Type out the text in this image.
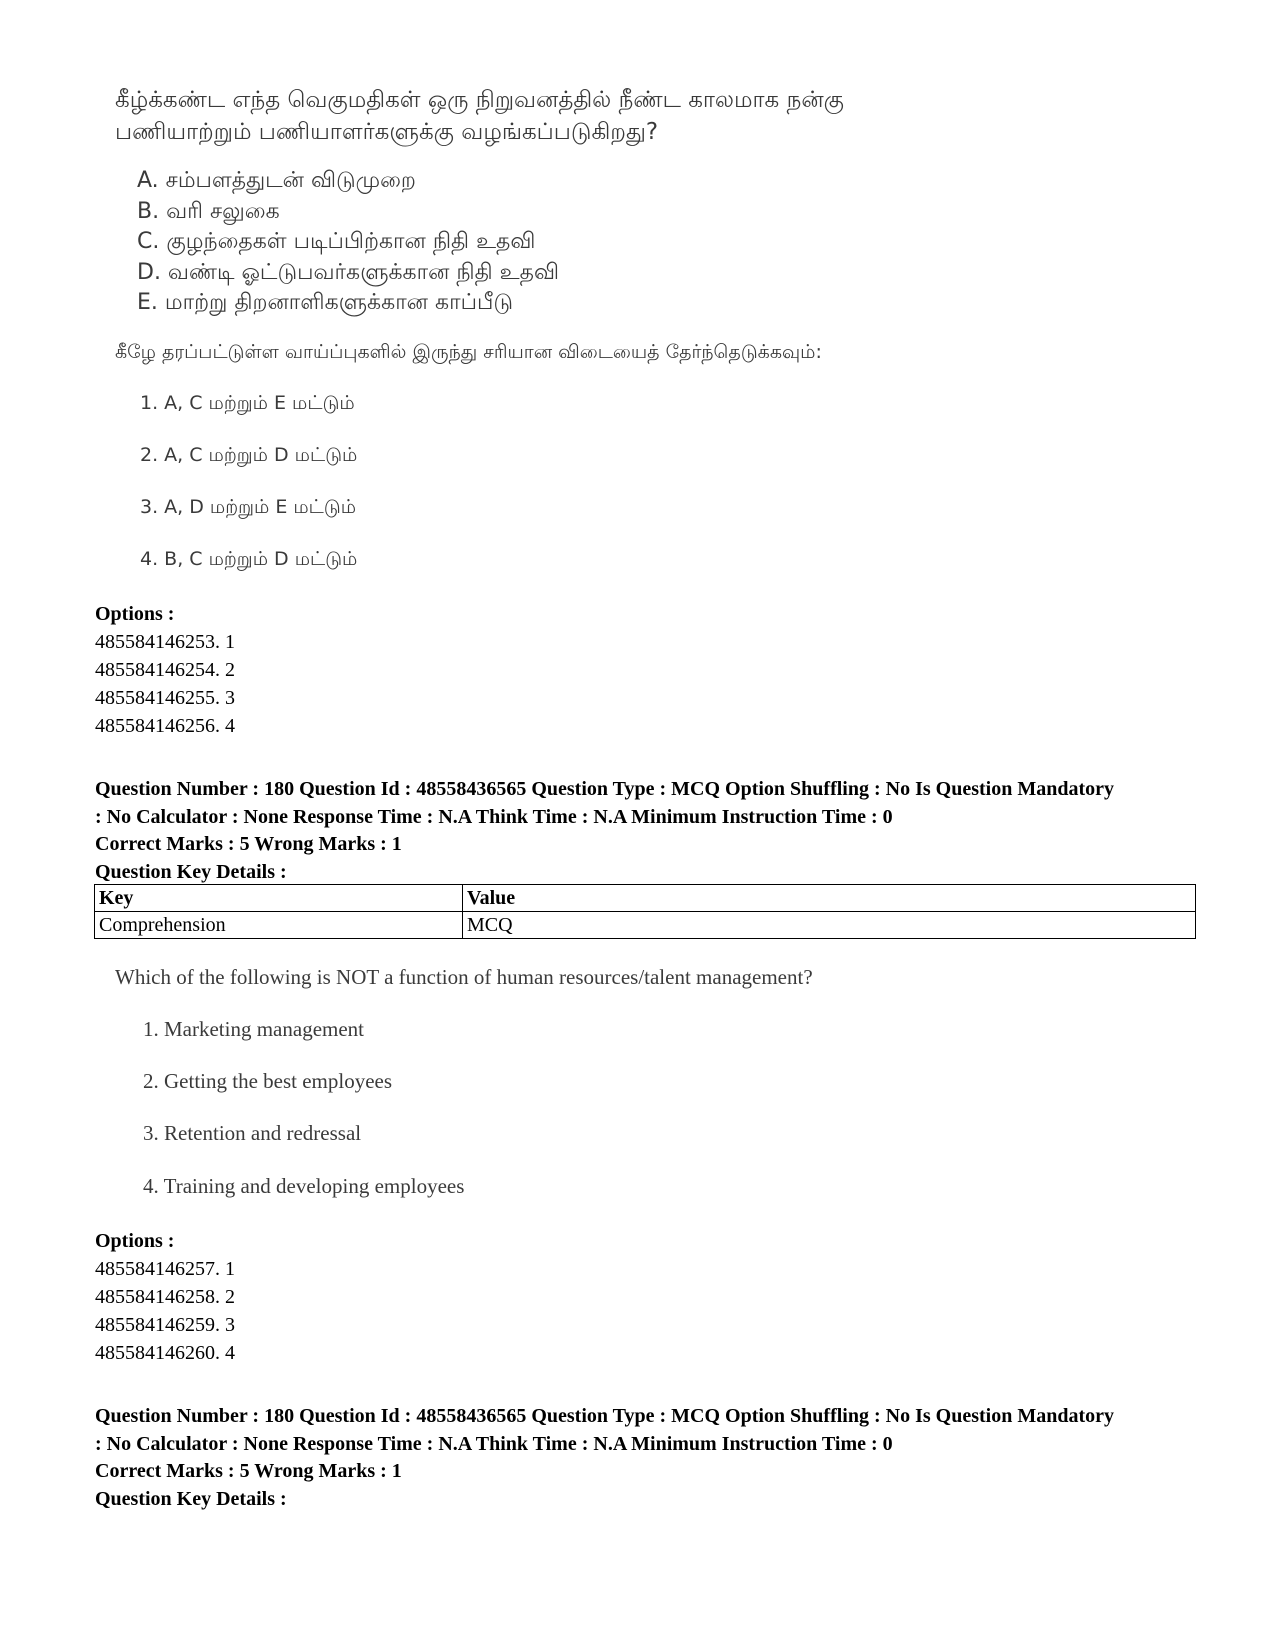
கீழ்க்கண்ட எந்த வெகுமதிகள் ஒரு நிறுவனத்தில் நீண்ட காலமாக நன்கு
பணியாற்றும் பணியாளர்களுக்கு வழங்கப்படுகிறது?
A. சம்பளத்துடன் விடுமுறை
B. வரி சலுகை
C. குழந்தைகள் படிப்பிற்கான நிதி உதவி
D. வண்டி ஓட்டுபவர்களுக்கான நிதி உதவி
E. மாற்று திறனாளிகளுக்கான காப்பீடு
கீழே தரப்பட்டுள்ள வாய்ப்புகளில் இருந்து சரியான விடையைத் தேர்ந்தெடுக்கவும்:
1. A, C மற்றும் E மட்டும்
2. A, C மற்றும் D மட்டும்
3. A, D மற்றும் E மட்டும்
4. B, C மற்றும் D மட்டும்
Options :
485584146253. 1
485584146254. 2
485584146255. 3
485584146256. 4
Question Number : 180 Question Id : 48558436565 Question Type : MCQ Option Shuffling : No Is Question Mandatory
: No Calculator : None Response Time : N.A Think Time : N.A Minimum Instruction Time : 0
Correct Marks : 5 Wrong Marks : 1
Question Key Details :
Key	Value
Comprehension	MCQ
Which of the following is NOT a function of human resources/talent management?
1. Marketing management
2. Getting the best employees
3. Retention and redressal
4. Training and developing employees
Options :
485584146257. 1
485584146258. 2
485584146259. 3
485584146260. 4
Question Number : 180 Question Id : 48558436565 Question Type : MCQ Option Shuffling : No Is Question Mandatory
: No Calculator : None Response Time : N.A Think Time : N.A Minimum Instruction Time : 0
Correct Marks : 5 Wrong Marks : 1
Question Key Details :
